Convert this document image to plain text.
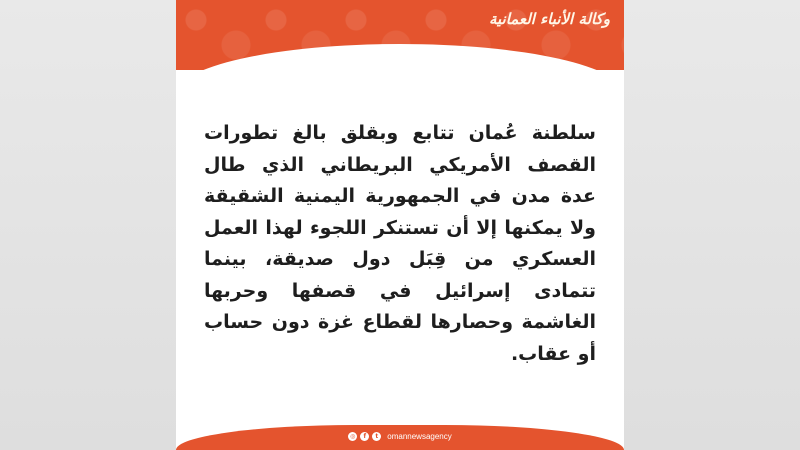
وكالة الأنباء العمانية
سلطنة عُمان تتابع وبقلق بالغ تطورات القصف الأمريكي البريطاني الذي طال عدة مدن في الجمهورية اليمنية الشقيقة ولا يمكنها إلا أن تستنكر اللجوء لهذا العمل العسكري من قِبَل دول صديقة، بينما تتمادى إسرائيل في قصفها وحربها الغاشمة وحصارها لقطاع غزة دون حساب أو عقاب.
◎	f	t	omannewsagency
